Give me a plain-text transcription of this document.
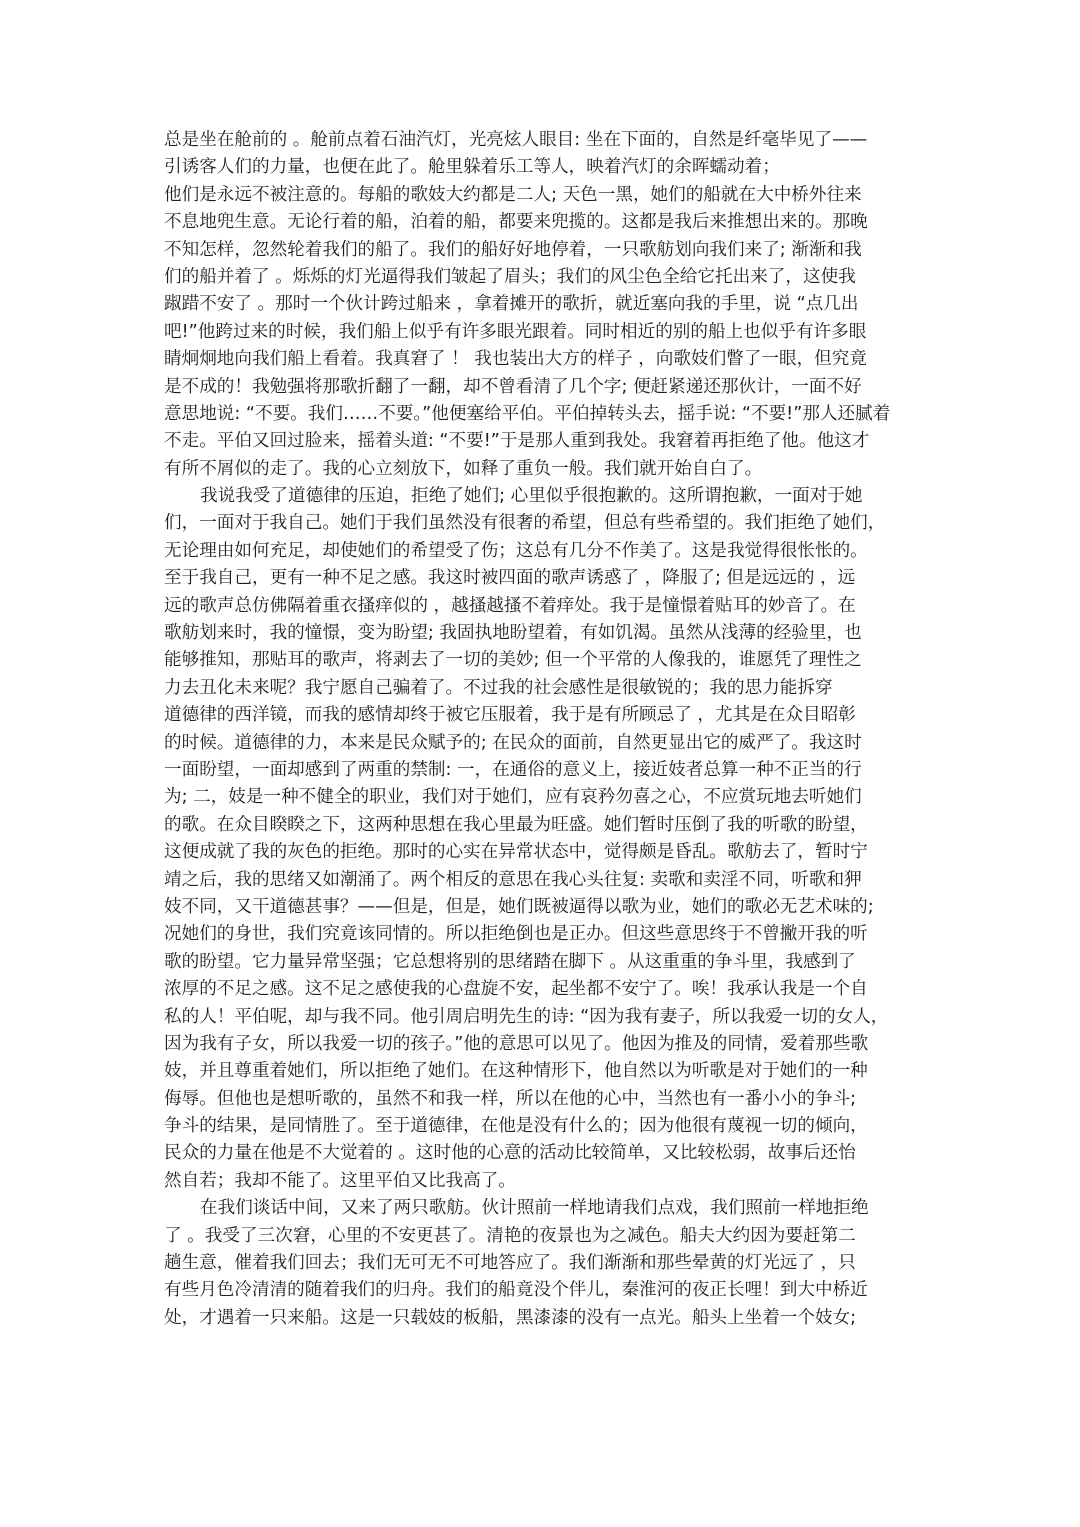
总是坐在舱前的 。舱前点着石油汽灯，光亮炫人眼目: 坐在下面的，自然是纤毫毕见了——
引诱客人们的力量，也便在此了。舱里躲着乐工等人，映着汽灯的余晖蠕动着；
他们是永远不被注意的。每船的歌妓大约都是二人; 天色一黑，她们的船就在大中桥外往来
不息地兜生意。无论行着的船，泊着的船，都要来兜揽的。这都是我后来推想出来的。那晚
不知怎样，忽然轮着我们的船了。我们的船好好地停着，一只歌舫划向我们来了; 渐渐和我
们的船并着了 。烁烁的灯光逼得我们皱起了眉头；我们的风尘色全给它托出来了，这使我
踧踖不安了 。那时一个伙计跨过船来 ，拿着摊开的歌折，就近塞向我的手里，说 “点几出
吧!”他跨过来的时候，我们船上似乎有许多眼光跟着。同时相近的别的船上也似乎有许多眼
睛炯炯地向我们船上看着。我真窘了 ！ 我也装出大方的样子 ，向歌妓们瞥了一眼，但究竟
是不成的！我勉强将那歌折翻了一翻，却不曾看清了几个字; 便赶紧递还那伙计，一面不好
意思地说: “不要。我们……不要。”他便塞给平伯。平伯掉转头去，摇手说: “不要!”那人还腻着
不走。平伯又回过脸来，摇着头道: “不要!”于是那人重到我处。我窘着再拒绝了他。他这才
有所不屑似的走了。我的心立刻放下，如释了重负一般。我们就开始自白了。
我说我受了道德律的压迫，拒绝了她们; 心里似乎很抱歉的。这所谓抱歉，一面对于她
们，一面对于我自己。她们于我们虽然没有很奢的希望，但总有些希望的。我们拒绝了她们，
无论理由如何充足，却使她们的希望受了伤；这总有几分不作美了。这是我觉得很怅怅的。
至于我自己，更有一种不足之感。我这时被四面的歌声诱惑了 ，降服了; 但是远远的 ，远
远的歌声总仿佛隔着重衣搔痒似的 ，越搔越搔不着痒处。我于是憧憬着贴耳的妙音了。在
歌舫划来时，我的憧憬，变为盼望; 我固执地盼望着，有如饥渴。虽然从浅薄的经验里，也
能够推知，那贴耳的歌声，将剥去了一切的美妙; 但一个平常的人像我的，谁愿凭了理性之
力去丑化未来呢？我宁愿自己骗着了。不过我的社会感性是很敏锐的；我的思力能拆穿
道德律的西洋镜，而我的感情却终于被它压服着，我于是有所顾忌了 ，尤其是在众目昭彰
的时候。道德律的力，本来是民众赋予的; 在民众的面前，自然更显出它的威严了。我这时
一面盼望，一面却感到了两重的禁制: 一，在通俗的意义上，接近妓者总算一种不正当的行
为; 二，妓是一种不健全的职业，我们对于她们，应有哀矜勿喜之心，不应赏玩地去听她们
的歌。在众目睽睽之下，这两种思想在我心里最为旺盛。她们暂时压倒了我的听歌的盼望，
这便成就了我的灰色的拒绝。那时的心实在异常状态中，觉得颇是昏乱。歌舫去了，暂时宁
靖之后，我的思绪又如潮涌了。两个相反的意思在我心头往复: 卖歌和卖淫不同，听歌和狎
妓不同，又干道德甚事？——但是，但是，她们既被逼得以歌为业，她们的歌必无艺术味的;
况她们的身世，我们究竟该同情的。所以拒绝倒也是正办。但这些意思终于不曾撇开我的听
歌的盼望。它力量异常坚强；它总想将别的思绪踏在脚下 。从这重重的争斗里，我感到了
浓厚的不足之感。这不足之感使我的心盘旋不安，起坐都不安宁了。唉！我承认我是一个自
私的人！平伯呢，却与我不同。他引周启明先生的诗: “因为我有妻子，所以我爱一切的女人，
因为我有子女，所以我爱一切的孩子。”他的意思可以见了。他因为推及的同情，爱着那些歌
妓，并且尊重着她们，所以拒绝了她们。在这种情形下，他自然以为听歌是对于她们的一种
侮辱。但他也是想听歌的，虽然不和我一样，所以在他的心中，当然也有一番小小的争斗;
争斗的结果，是同情胜了。至于道德律，在他是没有什么的；因为他很有蔑视一切的倾向，
民众的力量在他是不大觉着的 。这时他的心意的活动比较简单，又比较松弱，故事后还怡
然自若；我却不能了。这里平伯又比我高了。
在我们谈话中间，又来了两只歌舫。伙计照前一样地请我们点戏，我们照前一样地拒绝
了 。我受了三次窘，心里的不安更甚了。清艳的夜景也为之减色。船夫大约因为要赶第二
趟生意，催着我们回去；我们无可无不可地答应了。我们渐渐和那些晕黄的灯光远了 ，只
有些月色冷清清的随着我们的归舟。我们的船竟没个伴儿，秦淮河的夜正长哩！到大中桥近
处，才遇着一只来船。这是一只载妓的板船，黑漆漆的没有一点光。船头上坐着一个妓女;
